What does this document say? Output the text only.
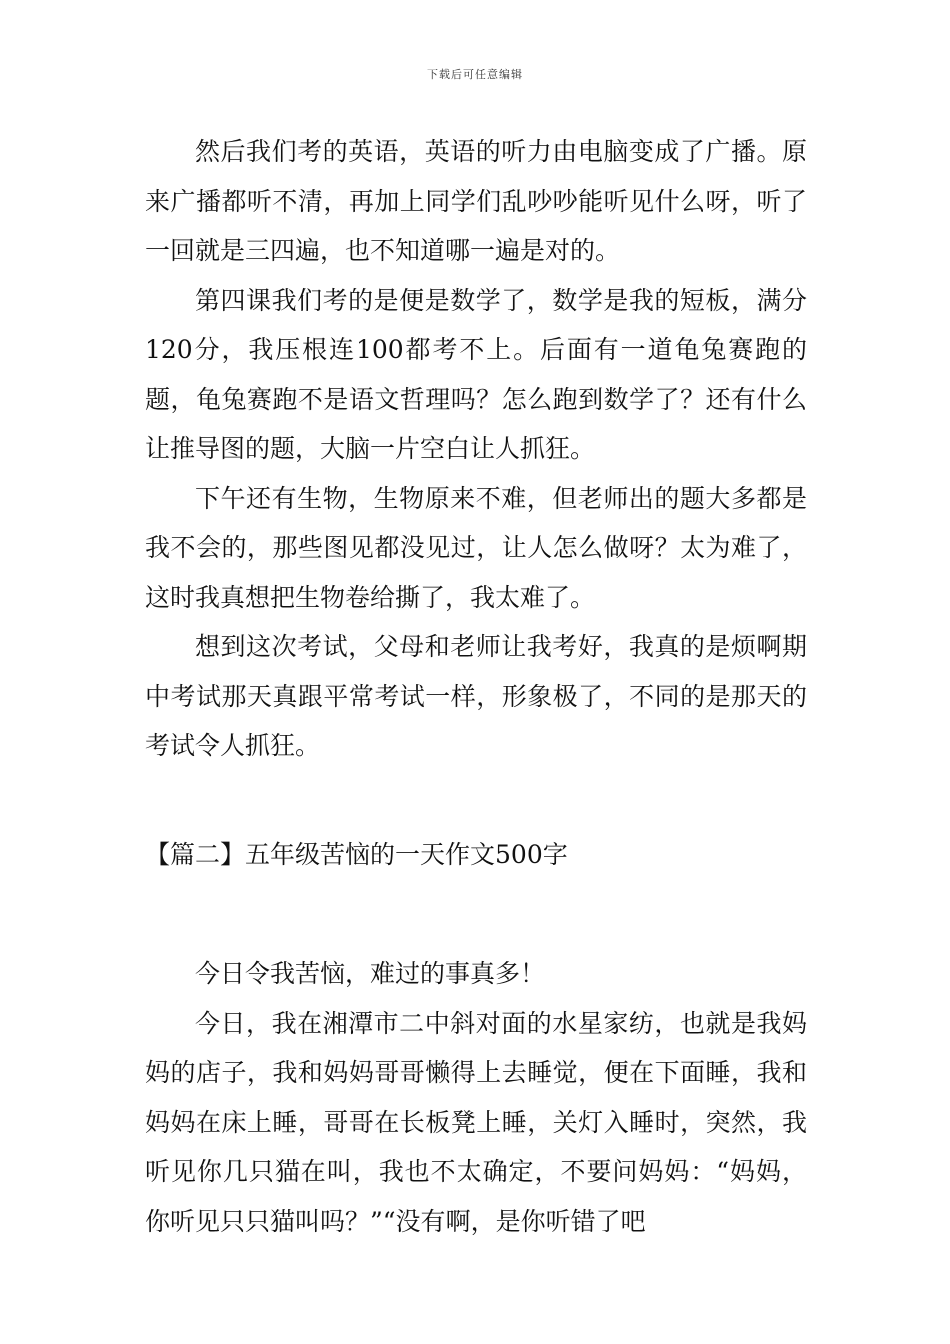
下载后可任意编辑

然后我们考的英语，英语的听力由电脑变成了广播。原来广播都听不清，再加上同学们乱吵吵能听见什么呀，听了一回就是三四遍，也不知道哪一遍是对的。

第四课我们考的是便是数学了，数学是我的短板，满分120分，我压根连100都考不上。后面有一道龟兔赛跑的题，龟兔赛跑不是语文哲理吗？怎么跑到数学了？还有什么让推导图的题，大脑一片空白让人抓狂。

下午还有生物，生物原来不难，但老师出的题大多都是我不会的，那些图见都没见过，让人怎么做呀？太为难了，这时我真想把生物卷给撕了，我太难了。

想到这次考试，父母和老师让我考好，我真的是烦啊期中考试那天真跟平常考试一样，形象极了，不同的是那天的考试令人抓狂。

【篇二】五年级苦恼的一天作文500字

今日令我苦恼，难过的事真多！

今日，我在湘潭市二中斜对面的水星家纺，也就是我妈妈的店子，我和妈妈哥哥懒得上去睡觉，便在下面睡，我和妈妈在床上睡，哥哥在长板凳上睡，关灯入睡时，突然，我听见你几只猫在叫，我也不太确定，不要问妈妈：“妈妈，你听见只只猫叫吗？”“没有啊，是你听错了吧
